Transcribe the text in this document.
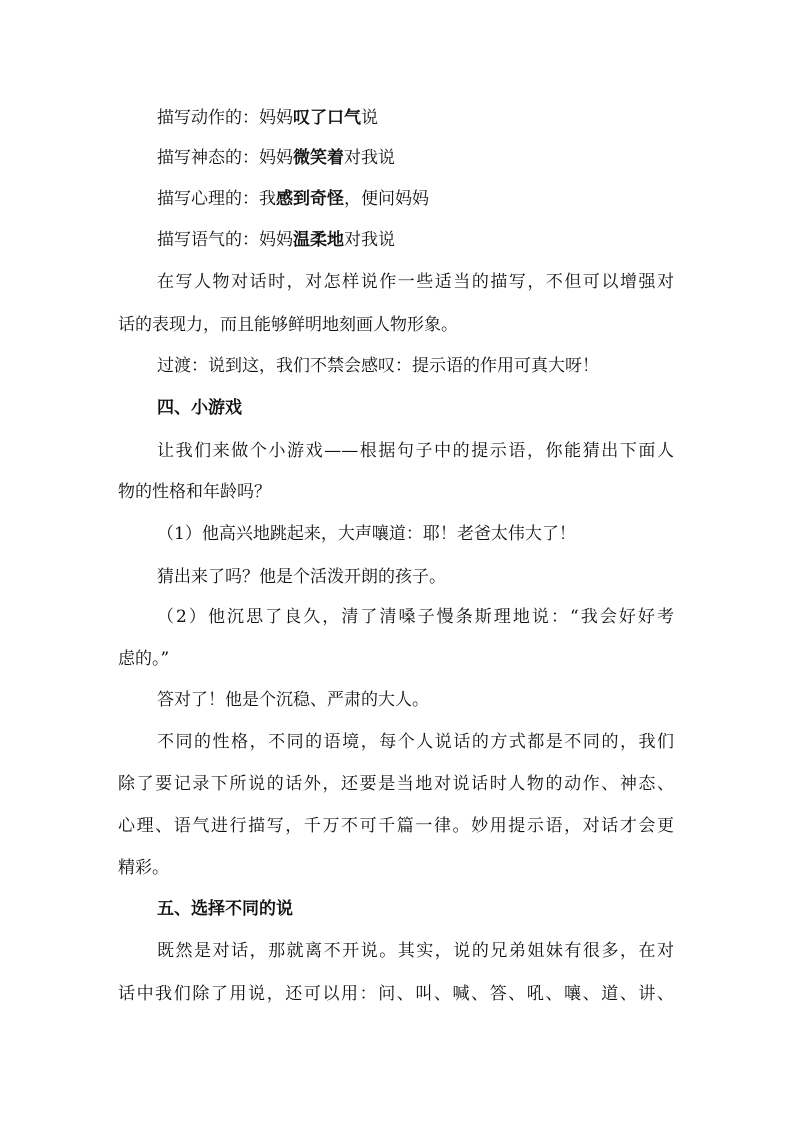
描写动作的：妈妈叹了口气说
描写神态的：妈妈微笑着对我说
描写心理的：我感到奇怪，便问妈妈
描写语气的：妈妈温柔地对我说
在写人物对话时，对怎样说作一些适当的描写，不但可以增强对
话的表现力，而且能够鲜明地刻画人物形象。
过渡：说到这，我们不禁会感叹：提示语的作用可真大呀！
四、小游戏
让我们来做个小游戏——根据句子中的提示语，你能猜出下面人
物的性格和年龄吗？
（1）他高兴地跳起来，大声嚷道：耶！老爸太伟大了！
猜出来了吗？他是个活泼开朗的孩子。
（2）他沉思了良久，清了清嗓子慢条斯理地说：“我会好好考
虑的。”
答对了！他是个沉稳、严肃的大人。
不同的性格，不同的语境，每个人说话的方式都是不同的，我们
除了要记录下所说的话外，还要是当地对说话时人物的动作、神态、
心理、语气进行描写，千万不可千篇一律。妙用提示语，对话才会更
精彩。
五、选择不同的说
既然是对话，那就离不开说。其实，说的兄弟姐妹有很多，在对
话中我们除了用说，还可以用：问、叫、喊、答、吼、嚷、道、讲、
